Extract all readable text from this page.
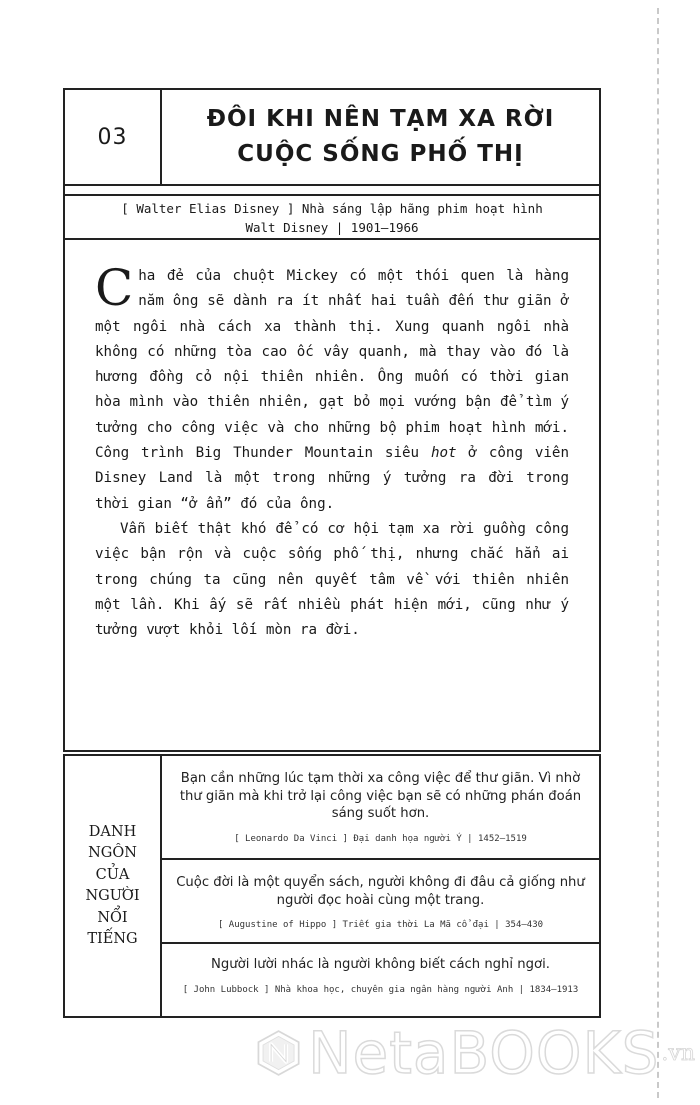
03
ĐÔI KHI NÊN TẠM XA RỜI
CUỘC SỐNG PHỐ THỊ
[ Walter Elias Disney ] Nhà sáng lập hãng phim hoạt hình
Walt Disney | 1901–1966

Cha đẻ của chuột Mickey có một thói quen là hàng năm ông sẽ dành ra ít nhất hai tuần đến thư giãn ở một ngôi nhà cách xa thành thị. Xung quanh ngôi nhà không có những tòa cao ốc vây quanh, mà thay vào đó là hương đồng cỏ nội thiên nhiên. Ông muốn có thời gian hòa mình vào thiên nhiên, gạt bỏ mọi vướng bận để tìm ý tưởng cho công việc và cho những bộ phim hoạt hình mới. Công trình Big Thunder Mountain siêu hot ở công viên Disney Land là một trong những ý tưởng ra đời trong thời gian “ở ẩn” đó của ông.

Vẫn biết thật khó để có cơ hội tạm xa rời guồng công việc bận rộn và cuộc sống phố thị, nhưng chắc hẳn ai trong chúng ta cũng nên quyết tâm về với thiên nhiên một lần. Khi ấy sẽ rất nhiều phát hiện mới, cũng như ý tưởng vượt khỏi lối mòn ra đời.

DANH
NGÔN
CỦA
NGƯỜI
NỔI
TIẾNG
Bạn cần những lúc tạm thời xa công việc để thư giãn. Vì nhờ thư giãn mà khi trở lại công việc bạn sẽ có những phán đoán sáng suốt hơn.
[ Leonardo Da Vinci ] Đại danh họa người Ý | 1452–1519
Cuộc đời là một quyển sách, người không đi đâu cả giống như người đọc hoài cùng một trang.
[ Augustine of Hippo ] Triết gia thời La Mã cổ đại | 354–430
Người lười nhác là người không biết cách nghỉ ngơi.
[ John Lubbock ] Nhà khoa học, chuyên gia ngân hàng người Anh | 1834–1913
NetaBOOKS .vn
